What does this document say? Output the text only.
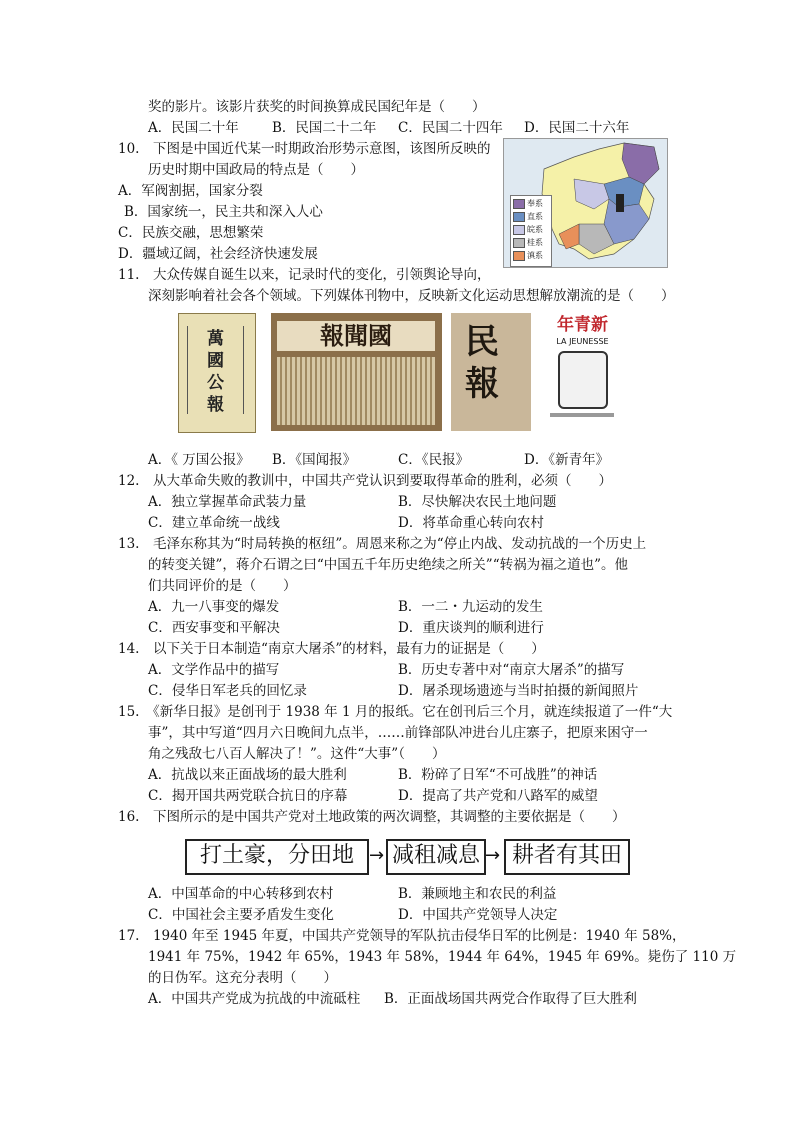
奖的影片。该影片获奖的时间换算成民国纪年是（　　）
A．民国二十年 B．民国二十二年 C．民国二十四年 D．民国二十六年
10.　下图是中国近代某一时期政治形势示意图，该图所反映的
历史时期中国政局的特点是（　　）
A．军阀割据，国家分裂
B．国家统一，民主共和深入人心
C．民族交融，思想繁荣
D．疆域辽阔，社会经济快速发展
奉系
直系
皖系
桂系
滇系
11.　大众传媒自诞生以来，记录时代的变化，引领舆论导向，
深刻影响着社会各个领域。下列媒体刊物中，反映新文化运动思想解放潮流的是（　　）
萬國公報
報聞國	民報
年青新
LA JEUNESSE
A．《 万国公报》 B．《国闻报》	C．《民报》	D．《新青年》
12.　从大革命失败的教训中，中国共产党认识到要取得革命的胜利，必须（　　）
A．独立掌握革命武装力量	B．尽快解决农民土地问题
C．建立革命统一战线	D．将革命重心转向农村
13.　毛泽东称其为“时局转换的枢纽”。周恩来称之为“停止内战、发动抗战的一个历史上
的转变关键”，蒋介石谓之曰“中国五千年历史绝续之所关”“转祸为福之道也”。他
们共同评价的是（　　）
A．九一八事变的爆发	B．一二・九运动的发生
C．西安事变和平解决	D．重庆谈判的顺利进行
14.　以下关于日本制造“南京大屠杀”的材料，最有力的证据是（　　）
A．文学作品中的描写	B．历史专著中对“南京大屠杀”的描写
C．侵华日军老兵的回忆录	D．屠杀现场遗迹与当时拍摄的新闻照片
15.　《新华日报》是创刊于 1938 年 1 月的报纸。它在创刊后三个月，就连续报道了一件“大
事”，其中写道“四月六日晚间九点半，……前锋部队冲进台儿庄寨子，把原来困守一
角之残敌七八百人解决了！”。这件“大事”（　　）
A．抗战以来正面战场的最大胜利	B．粉碎了日军“不可战胜”的神话
C．揭开国共两党联合抗日的序幕	D．提高了共产党和八路军的威望
16.　下图所示的是中国共产党对土地政策的两次调整，其调整的主要依据是（　　）
打土豪，分田地 → 减租减息 → 耕者有其田
A．中国革命的中心转移到农村	B．兼顾地主和农民的利益
C．中国社会主要矛盾发生变化	D．中国共产党领导人决定
17.　1940 年至 1945 年夏，中国共产党领导的军队抗击侵华日军的比例是：1940 年 58%，
1941 年 75%，1942 年 65%，1943 年 58%，1944 年 64%，1945 年 69%。毙伤了 110 万
的日伪军。这充分表明（　　）
A．中国共产党成为抗战的中流砥柱 B．正面战场国共两党合作取得了巨大胜利
